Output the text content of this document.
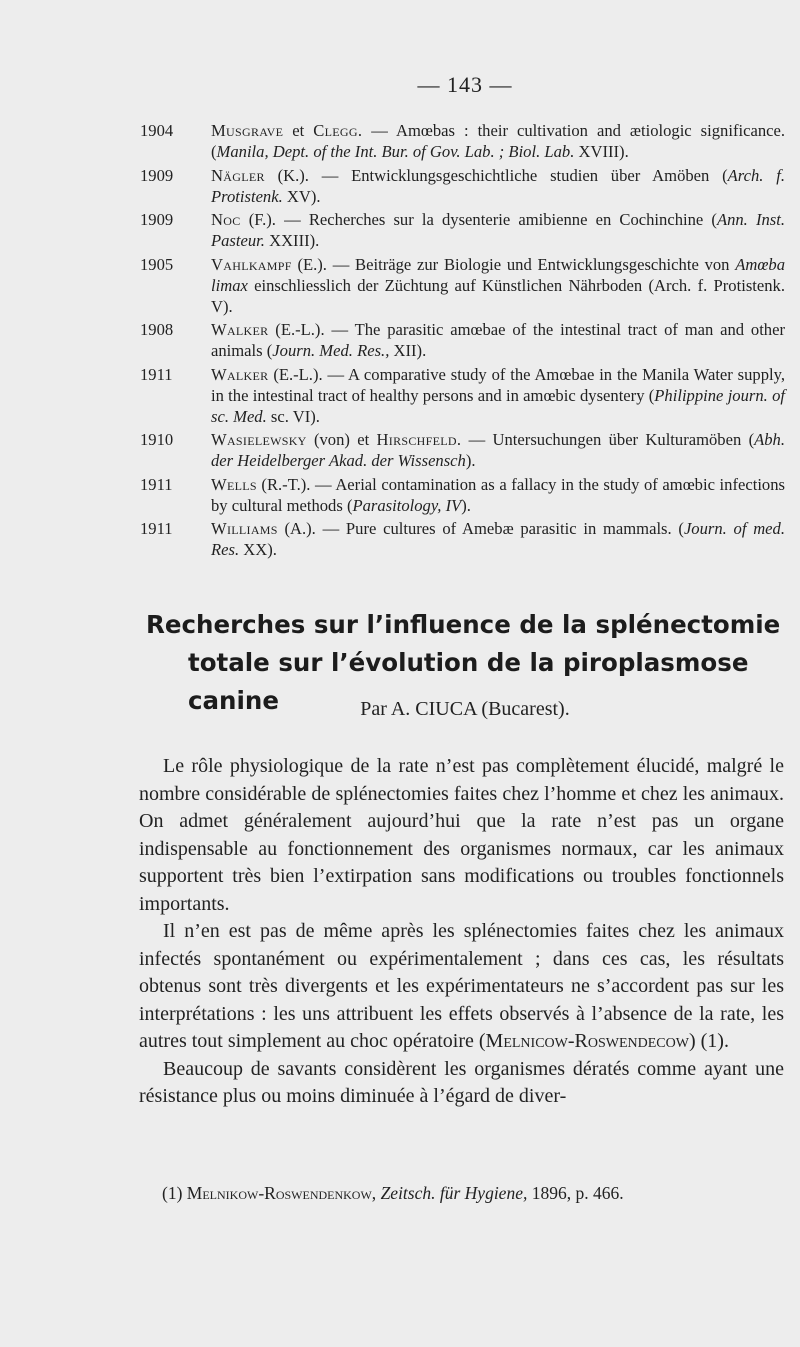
— 143 —
1904 Musgrave et Clegg. — Amœbas : their cultivation and ætiologic significance. (Manila, Dept. of the Int. Bur. of Gov. Lab. ; Biol. Lab. XVIII).
1909 Nägler (K.). — Entwicklungsgeschichtliche studien über Amöben (Arch. f. Protistenk. XV).
1909 Noc (F.). — Recherches sur la dysenterie amibienne en Cochinchine (Ann. Inst. Pasteur. XXIII).
1905 Vahlkampf (E.). — Beiträge zur Biologie und Entwicklungsgeschichte von Amœba limax einschliesslich der Züchtung auf Künstlichen Nährboden (Arch. f. Protistenk. V).
1908 Walker (E.-L.). — The parasitic amœbae of the intestinal tract of man and other animals (Journ. Med. Res., XII).
1911 Walker (E.-L.). — A comparative study of the Amœbae in the Manila Water supply, in the intestinal tract of healthy persons and in amœbic dysentery (Philippine journ. of sc. Med. sc. VI).
1910 Wasielewsky (von) et Hirschfeld. — Untersuchungen über Kulturamöben (Abh. der Heidelberger Akad. der Wissensch).
1911 Wells (R.-T.). — Aerial contamination as a fallacy in the study of amœbic infections by cultural methods (Parasitology, IV).
1911 Williams (A.). — Pure cultures of Amebæ parasitic in mammals. (Journ. of med. Res. XX).
Recherches sur l’influence de la splénectomie
totale sur l’évolution de la piroplasmose canine	Par A. CIUCA (Bucarest).

Le rôle physiologique de la rate n’est pas complètement élucidé, malgré le nombre considérable de splénectomies faites chez l’homme et chez les animaux. On admet généralement aujourd’hui que la rate n’est pas un organe indispensable au fonctionnement des organismes normaux, car les animaux supportent très bien l’extirpation sans modifications ou troubles fonctionnels importants.

Il n’en est pas de même après les splénectomies faites chez les animaux infectés spontanément ou expérimentalement ; dans ces cas, les résultats obtenus sont très divergents et les expérimentateurs ne s’accordent pas sur les interprétations : les uns attribuent les effets observés à l’absence de la rate, les autres tout simplement au choc opératoire (Melnicow-Roswendecow) (1).

Beaucoup de savants considèrent les organismes dératés comme ayant une résistance plus ou moins diminuée à l’égard de diver-

(1) Melnikow-Roswendenkow, Zeitsch. für Hygiene, 1896, p. 466.
